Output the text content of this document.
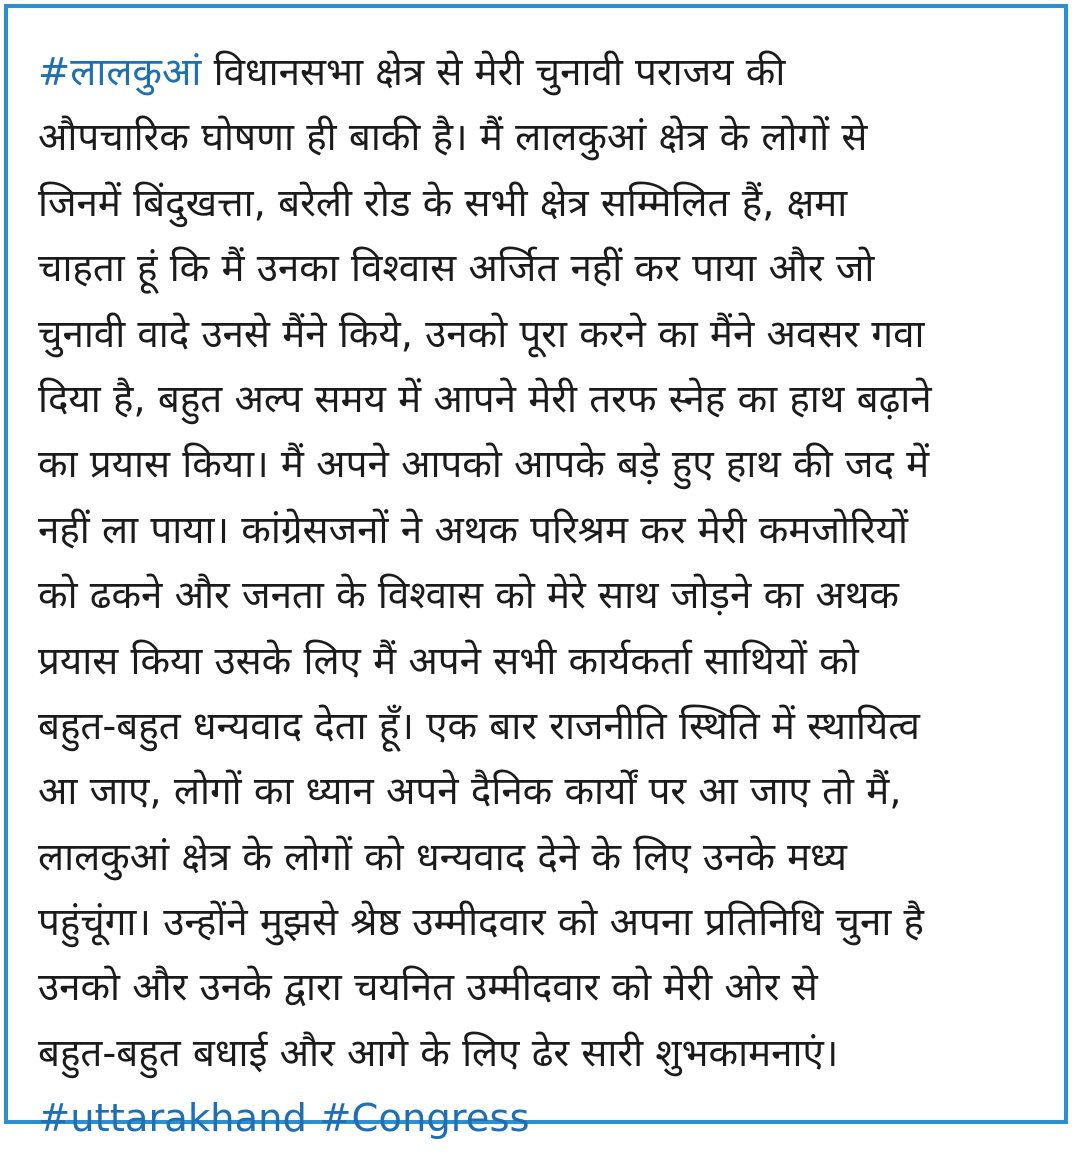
#लालकुआं विधानसभा क्षेत्र से मेरी चुनावी पराजय की
औपचारिक घोषणा ही बाकी है। मैं लालकुआं क्षेत्र के लोगों से
जिनमें बिंदुखत्ता, बरेली रोड के सभी क्षेत्र सम्मिलित हैं, क्षमा
चाहता हूं कि मैं उनका विश्वास अर्जित नहीं कर पाया और जो
चुनावी वादे उनसे मैंने किये, उनको पूरा करने का मैंने अवसर गवा
दिया है, बहुत अल्प समय में आपने मेरी तरफ स्नेह का हाथ बढ़ाने
का प्रयास किया। मैं अपने आपको आपके बड़े हुए हाथ की जद में
नहीं ला पाया। कांग्रेसजनों ने अथक परिश्रम कर मेरी कमजोरियों
को ढकने और जनता के विश्वास को मेरे साथ जोड़ने का अथक
प्रयास किया उसके लिए मैं अपने सभी कार्यकर्ता साथियों को
बहुत-बहुत धन्यवाद देता हूँ। एक बार राजनीति स्थिति में स्थायित्व
आ जाए, लोगों का ध्यान अपने दैनिक कार्यों पर आ जाए तो मैं,
लालकुआं क्षेत्र के लोगों को धन्यवाद देने के लिए उनके मध्य
पहुंचूंगा। उन्होंने मुझसे श्रेष्ठ उम्मीदवार को अपना प्रतिनिधि चुना है
उनको और उनके द्वारा चयनित उम्मीदवार को मेरी ओर से
बहुत-बहुत बधाई और आगे के लिए ढेर सारी शुभकामनाएं।
#uttarakhand #Congress
